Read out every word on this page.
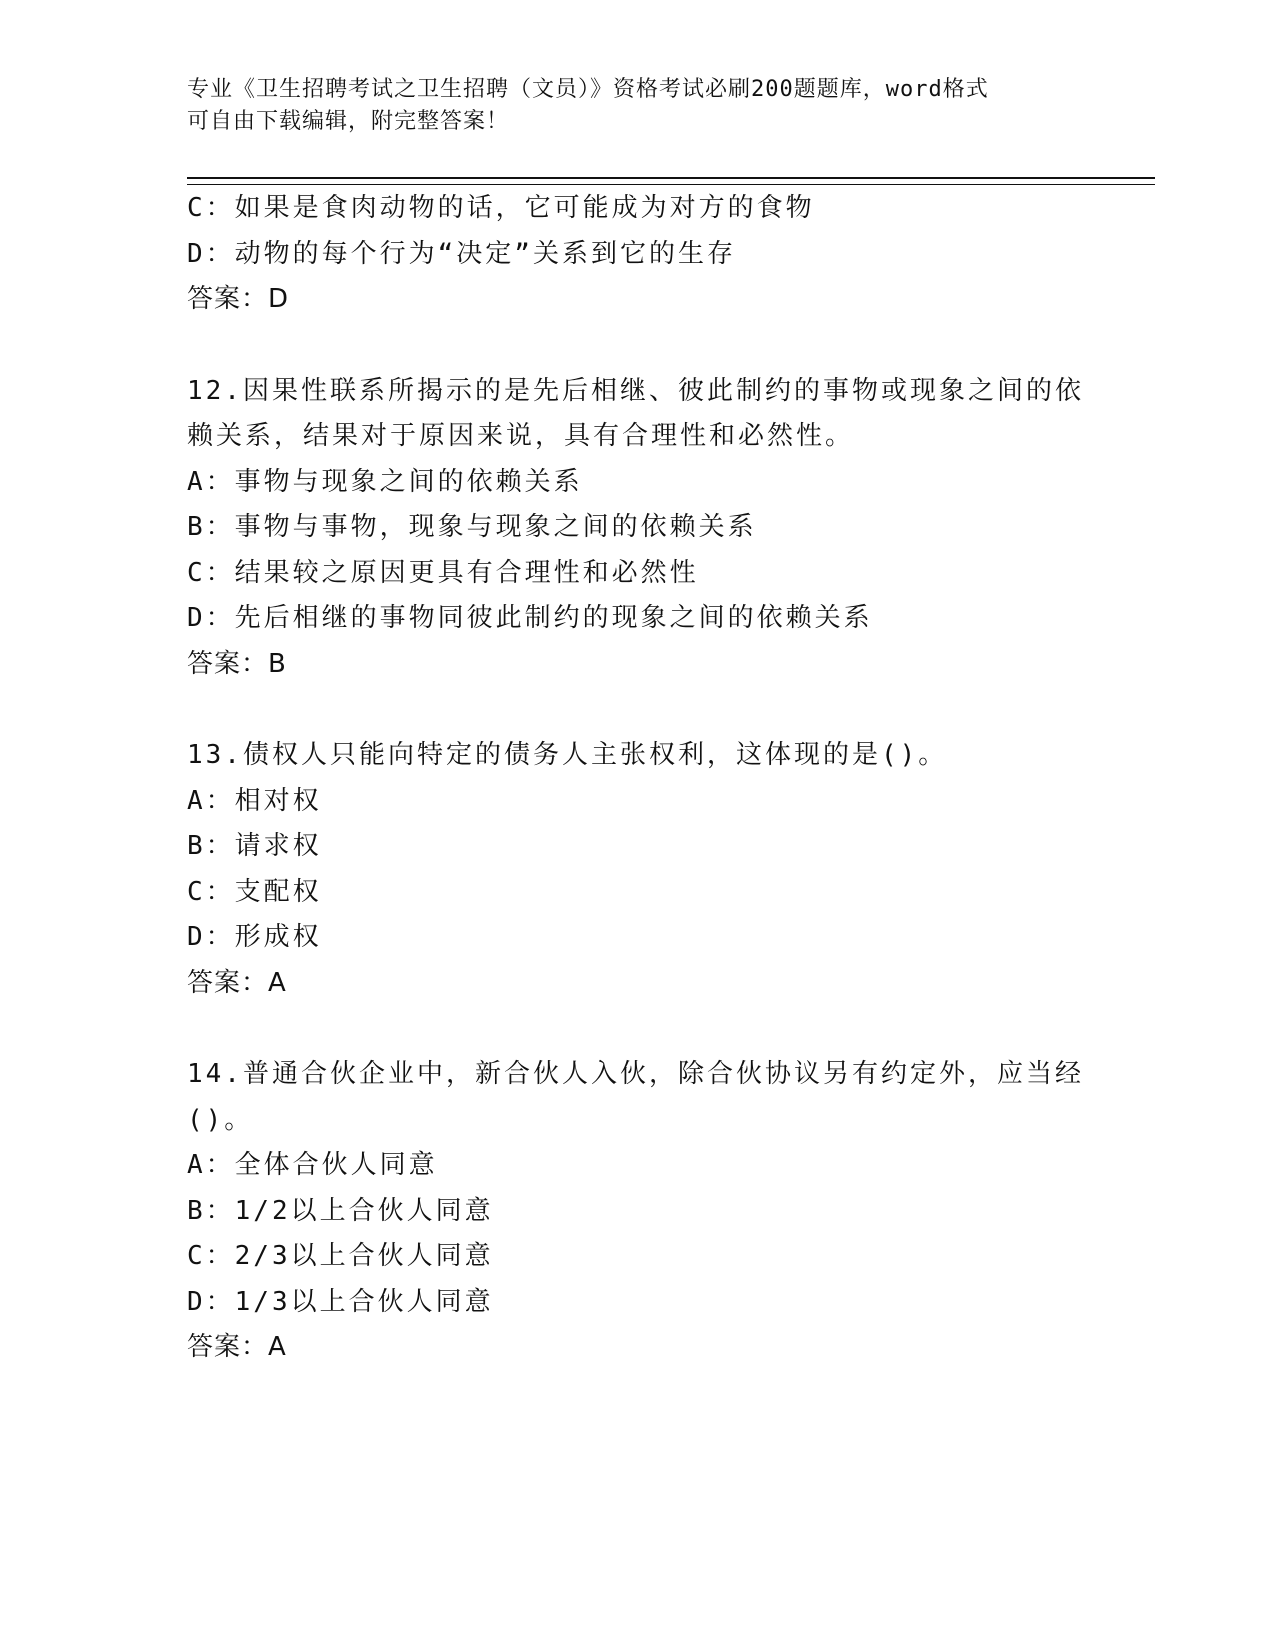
专业《卫生招聘考试之卫生招聘（文员）》资格考试必刷200题题库，word格式
可自由下载编辑，附完整答案！
C：如果是食肉动物的话，它可能成为对方的食物
D：动物的每个行为“决定”关系到它的生存
答案：D
12.因果性联系所揭示的是先后相继、彼此制约的事物或现象之间的依
赖关系，结果对于原因来说，具有合理性和必然性。
A：事物与现象之间的依赖关系
B：事物与事物，现象与现象之间的依赖关系
C：结果较之原因更具有合理性和必然性
D：先后相继的事物同彼此制约的现象之间的依赖关系
答案：B
13.债权人只能向特定的债务人主张权利，这体现的是()。
A：相对权
B：请求权
C：支配权
D：形成权
答案：A
14.普通合伙企业中，新合伙人入伙，除合伙协议另有约定外，应当经
()。
A：全体合伙人同意
B：1/2以上合伙人同意
C：2/3以上合伙人同意
D：1/3以上合伙人同意
答案：A
